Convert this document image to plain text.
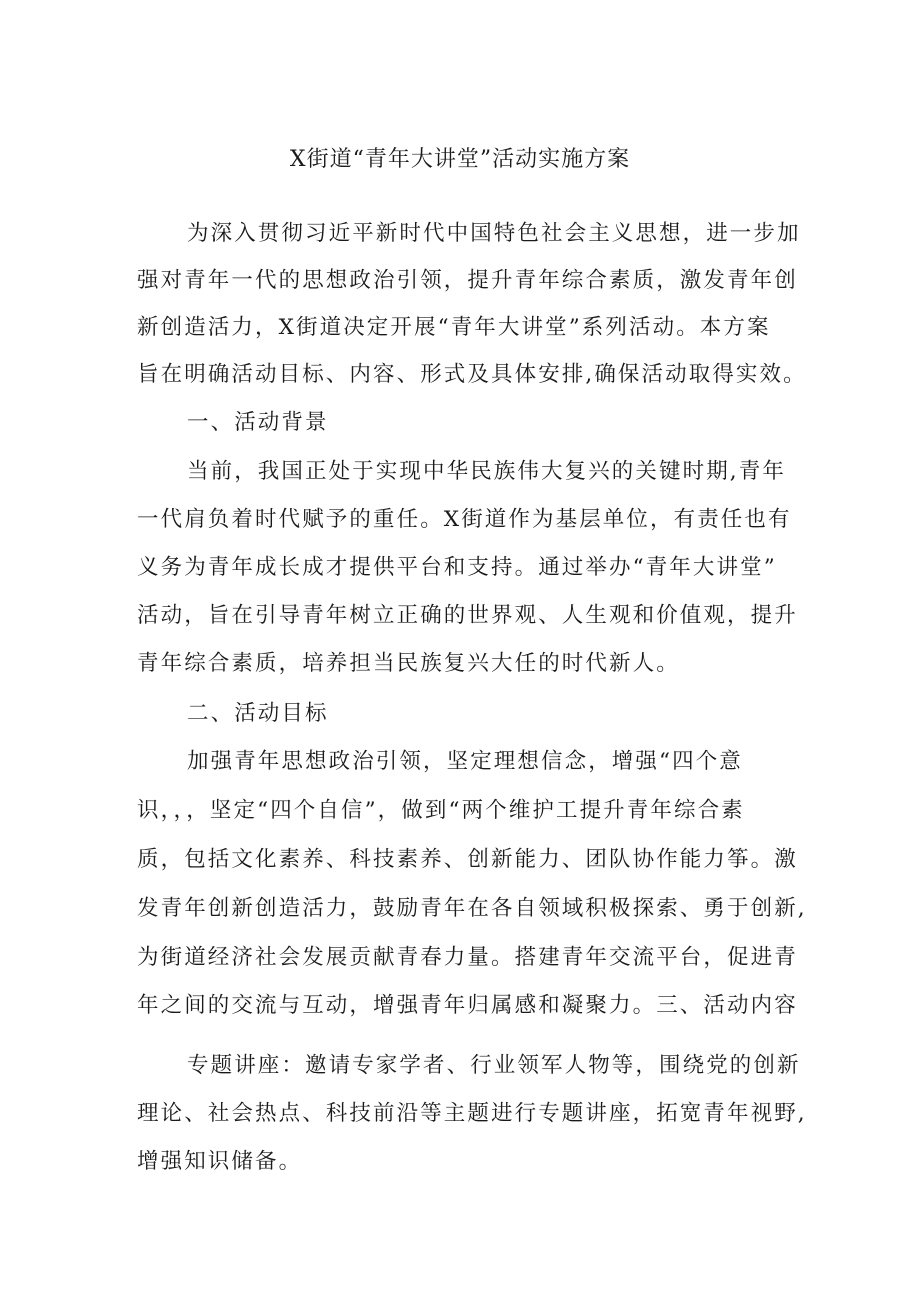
X街道“青年大讲堂”活动实施方案
为深入贯彻习近平新时代中国特色社会主义思想，进一步加
强对青年一代的思想政治引领，提升青年综合素质，激发青年创
新创造活力，X街道决定开展“青年大讲堂”系列活动。本方案
旨在明确活动目标、内容、形式及具体安排,确保活动取得实效。
一、活动背景
当前，我国正处于实现中华民族伟大复兴的关键时期,青年
一代肩负着时代赋予的重任。X街道作为基层单位，有责任也有
义务为青年成长成才提供平台和支持。通过举办“青年大讲堂”
活动，旨在引导青年树立正确的世界观、人生观和价值观，提升
青年综合素质，培养担当民族复兴大任的时代新人。
二、活动目标
加强青年思想政治引领，坚定理想信念，增强“四个意
识，，，坚定“四个自信”，做到“两个维护工提升青年综合素
质，包括文化素养、科技素养、创新能力、团队协作能力筝。激
发青年创新创造活力，鼓励青年在各自领域积极探索、勇于创新,
为街道经济社会发展贡献青春力量。搭建青年交流平台，促进青
年之间的交流与互动，增强青年归属感和凝聚力。三、活动内容
专题讲座：邀请专家学者、行业领军人物等，围绕党的创新
理论、社会热点、科技前沿等主题进行专题讲座，拓宽青年视野,
增强知识储备。
